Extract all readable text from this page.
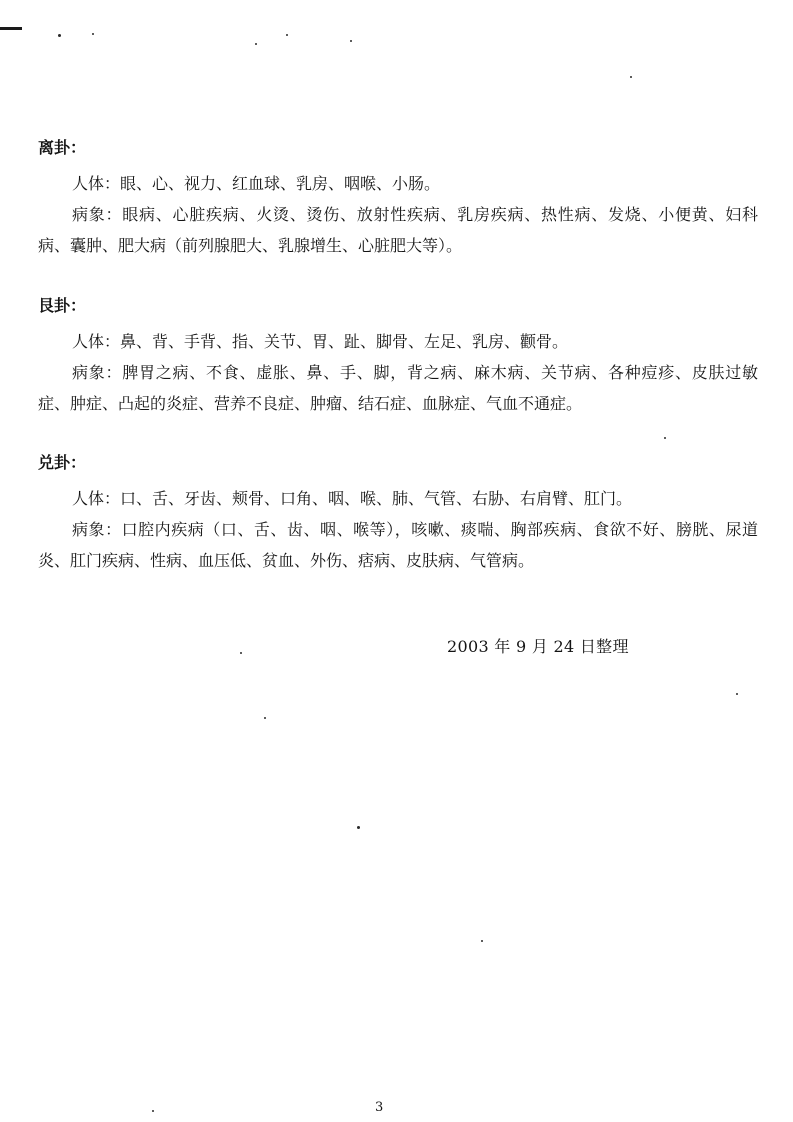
离卦：

人体：眼、心、视力、红血球、乳房、咽喉、小肠。

病象：眼病、心脏疾病、火烫、烫伤、放射性疾病、乳房疾病、热性病、发烧、小便黄、妇科病、囊肿、肥大病（前列腺肥大、乳腺增生、心脏肥大等）。

艮卦：

人体：鼻、背、手背、指、关节、胃、趾、脚骨、左足、乳房、颧骨。

病象：脾胃之病、不食、虚胀、鼻、手、脚，背之病、麻木病、关节病、各种痘疹、皮肤过敏症、肿症、凸起的炎症、营养不良症、肿瘤、结石症、血脉症、气血不通症。

兑卦：

人体：口、舌、牙齿、颊骨、口角、咽、喉、肺、气管、右胁、右肩臂、肛门。

病象：口腔内疾病（口、舌、齿、咽、喉等），咳嗽、痰喘、胸部疾病、食欲不好、膀胱、尿道炎、肛门疾病、性病、血压低、贫血、外伤、痞病、皮肤病、气管病。

2003 年 9 月 24 日整理
3
